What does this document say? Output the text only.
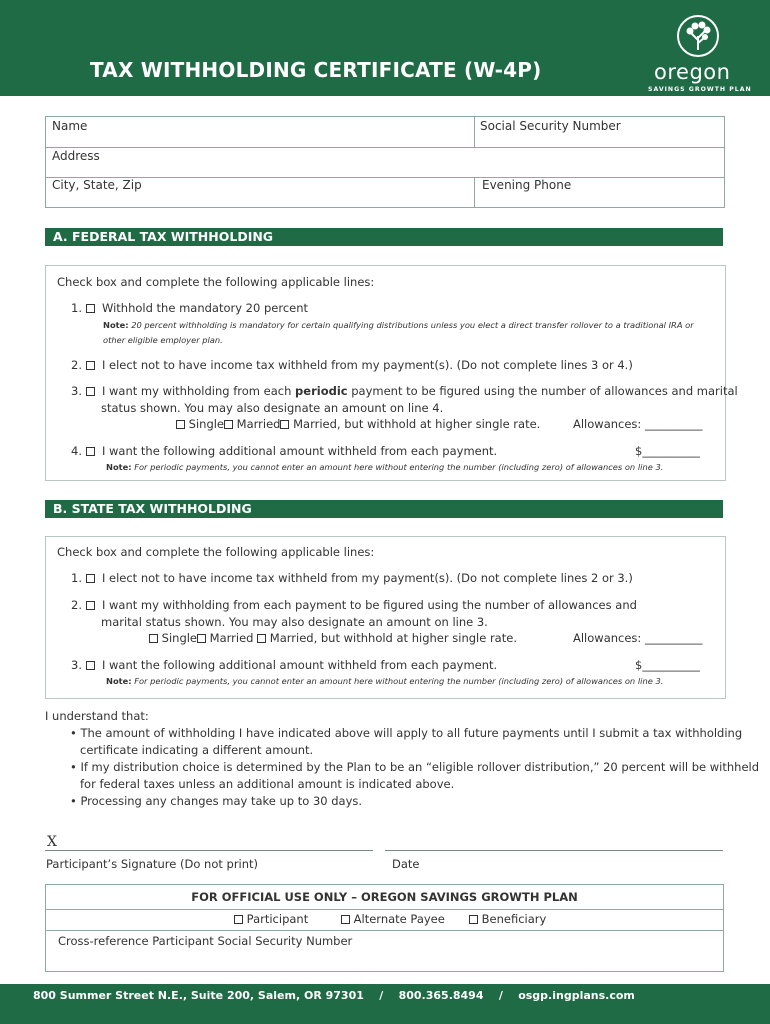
TAX WITHHOLDING CERTIFICATE (W-4P)	oregon
SAVINGS GROWTH PLAN
Name	Social Security Number
Address
City, State, Zip	Evening Phone
A. FEDERAL TAX WITHHOLDING
Check box and complete the following applicable lines:
1. Withhold the mandatory 20 percent
Note: 20 percent withholding is mandatory for certain qualifying distributions unless you elect a direct transfer rollover to a traditional IRA or
other eligible employer plan.
2. I elect not to have income tax withheld from my payment(s). (Do not complete lines 3 or 4.)
3. I want my withholding from each periodic payment to be figured using the number of allowances and marital
status shown. You may also designate an amount on line 4.
Single Married Married, but withhold at higher single rate.	Allowances: __________
4. I want the following additional amount withheld from each payment.	$__________
Note: For periodic payments, you cannot enter an amount here without entering the number (including zero) of allowances on line 3.
B. STATE TAX WITHHOLDING
Check box and complete the following applicable lines:
1. I elect not to have income tax withheld from my payment(s). (Do not complete lines 2 or 3.)
2. I want my withholding from each payment to be figured using the number of allowances and
marital status shown. You may also designate an amount on line 3.
Single Married Married, but withhold at higher single rate.	Allowances: __________
3. I want the following additional amount withheld from each payment.	$__________
Note: For periodic payments, you cannot enter an amount here without entering the number (including zero) of allowances on line 3.
I understand that:
• The amount of withholding I have indicated above will apply to all future payments until I submit a tax withholding
certificate indicating a different amount.
• If my distribution choice is determined by the Plan to be an “eligible rollover distribution,” 20 percent will be withheld
for federal taxes unless an additional amount is indicated above.
• Processing any changes may take up to 30 days.
X
Participant’s Signature (Do not print)	Date
FOR OFFICIAL USE ONLY – OREGON SAVINGS GROWTH PLAN
Participant	Alternate Payee	Beneficiary
Cross-reference Participant Social Security Number
800 Summer Street N.E., Suite 200, Salem, OR 97301 / 800.365.8494 / osgp.ingplans.com
